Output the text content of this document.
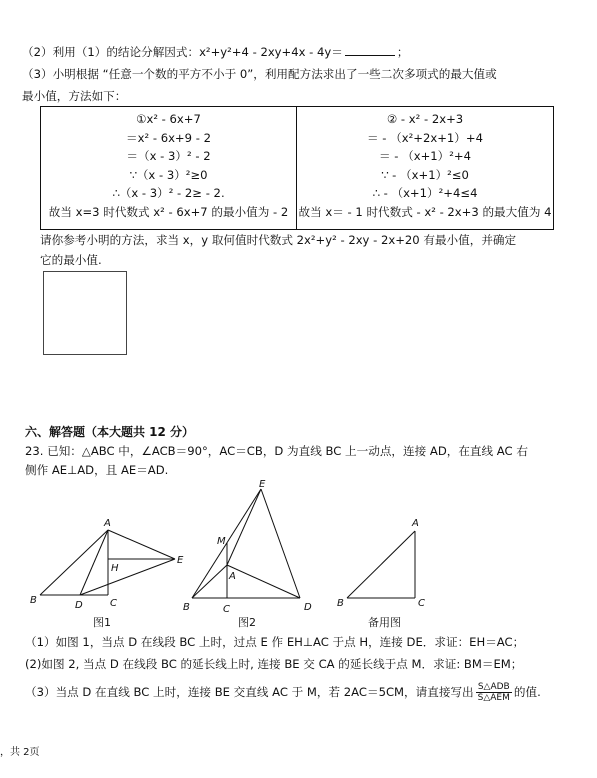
（2）利用（1）的结论分解因式：x²+y²+4 - 2xy+4x - 4y＝	；
（3）小明根据 “任意一个数的平方不小于 0”，利用配方法求出了一些二次多项式的最大值或
最小值，方法如下：
①x² - 6x+7
＝x² - 6x+9 - 2
＝（x - 3）² - 2
∵（x - 3）²≥0
∴（x - 3）² - 2≥ - 2.
故当 x=3 时代数式 x² - 6x+7 的最小值为 - 2
② - x² - 2x+3
＝ - （x²+2x+1）+4
＝ - （x+1）²+4
∵ - （x+1）²≤0
∴ - （x+1）²+4≤4
故当 x＝ - 1 时代数式 - x² - 2x+3 的最大值为 4
请你参考小明的方法，求当 x，y 取何值时代数式 2x²+y² - 2xy - 2x+20 有最小值，并确定
它的最小值.
六、解答题（本大题共 12 分）
23. 已知：△ABC 中，∠ACB＝90°，AC＝CB，D 为直线 BC 上一动点，连接 AD，在直线 AC 右
侧作 AE⊥AD，且 AE＝AD.
A
B	C
D
E
H
A
B	C	D
E
M
A
B	C
图1	图2	备用图
（1）如图 1，当点 D 在线段 BC 上时，过点 E 作 EH⊥AC 于点 H，连接 DE．求证：EH＝AC；
(2)如图 2, 当点 D 在线段 BC 的延长线上时, 连接 BE 交 CA 的延长线于点 M．求证: BM＝EM；
（3）当点 D 在直线 BC 上时，连接 BE 交直线 AC 于 M，若 2AC＝5CM，请直接写出 $\frac{\text{S△ADB}}{\text{S△AEM}}$ 的值.
，共 2页
